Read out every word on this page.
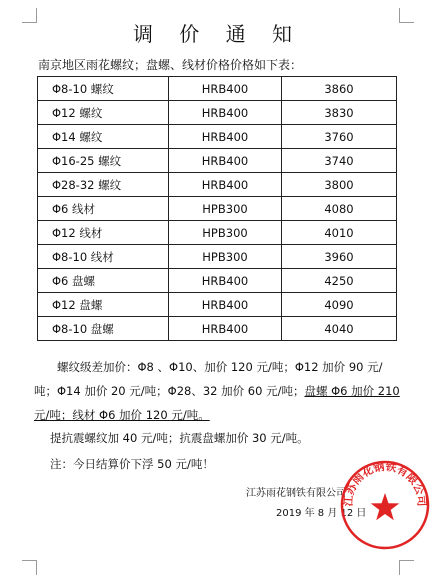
调 价 通 知
南京地区雨花螺纹；盘螺、线材价格价格如下表：
Φ8-10 螺纹	HRB400	3860
Φ12 螺纹	HRB400	3830
Φ14 螺纹	HRB400	3760
Φ16-25 螺纹	HRB400	3740
Φ28-32 螺纹	HRB400	3800
Φ6 线材	HPB300	4080
Φ12 线材	HPB300	4010
Φ8-10 线材	HPB300	3960
Φ6 盘螺	HRB400	4250
Φ12 盘螺	HRB400	4090
Φ8-10 盘螺	HRB400	4040
  螺纹级差加价：Φ8 、Φ10、加价 120 元/吨；Φ12 加价 90 元/吨；Φ14 加价 20 元/吨；Φ28、32 加价 60 元/吨；盘螺 Φ6 加价 210 元/吨；线材 Φ6 加价 120 元/吨。
提抗震螺纹加 40 元/吨；抗震盘螺加价 30 元/吨。
注：今日结算价下浮 50 元/吨！
江苏雨花钢铁有限公司
2019 年 8 月 12 日
江苏雨花钢铁有限公司
